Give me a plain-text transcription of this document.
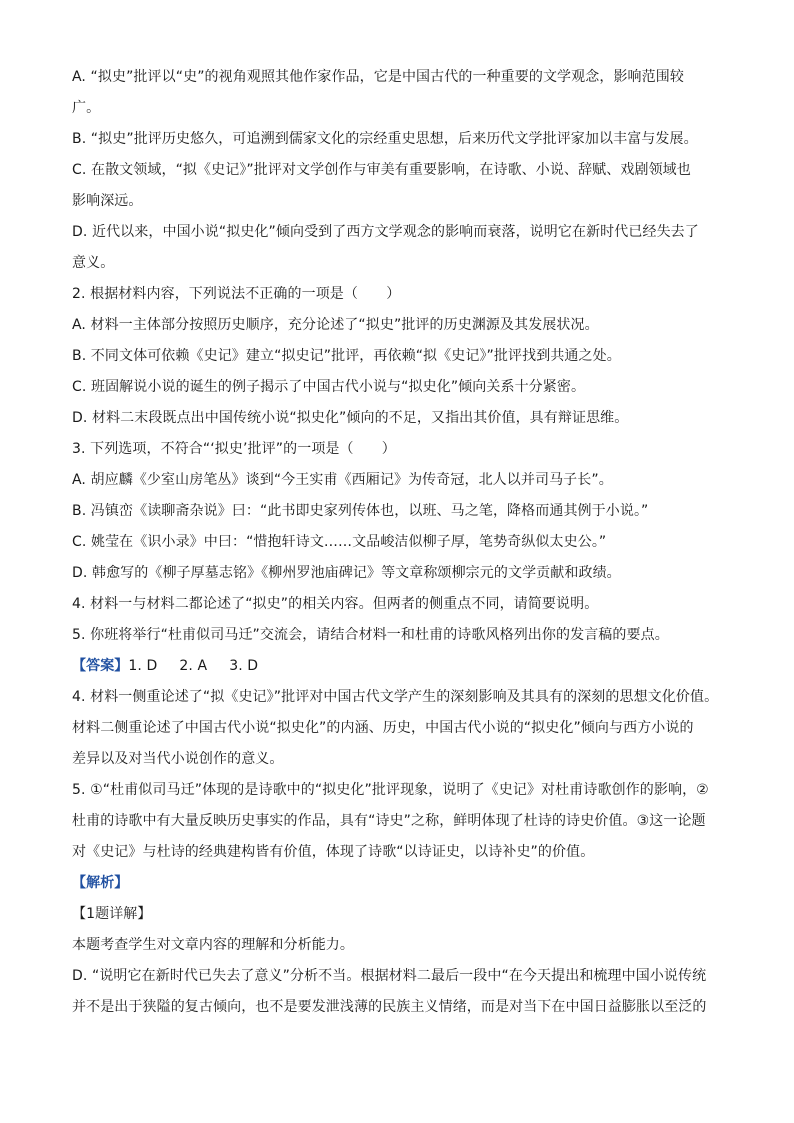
A. “拟史”批评以“史”的视角观照其他作家作品，它是中国古代的一种重要的文学观念，影响范围较
广。
B. “拟史”批评历史悠久，可追溯到儒家文化的宗经重史思想，后来历代文学批评家加以丰富与发展。
C. 在散文领域，“拟《史记》”批评对文学创作与审美有重要影响，在诗歌、小说、辞赋、戏剧领域也
影响深远。
D. 近代以来，中国小说“拟史化”倾向受到了西方文学观念的影响而衰落，说明它在新时代已经失去了
意义。
2. 根据材料内容，下列说法不正确的一项是（　　）
A. 材料一主体部分按照历史顺序，充分论述了“拟史”批评的历史渊源及其发展状况。
B. 不同文体可依赖《史记》建立“拟史记”批评，再依赖“拟《史记》”批评找到共通之处。
C. 班固解说小说的诞生的例子揭示了中国古代小说与“拟史化”倾向关系十分紧密。
D. 材料二末段既点出中国传统小说“拟史化”倾向的不足，又指出其价值，具有辩证思维。
3. 下列选项，不符合“‘拟史’批评”的一项是（　　）
A. 胡应麟《少室山房笔丛》谈到“今王实甫《西厢记》为传奇冠，北人以并司马子长”。
B. 冯镇峦《读聊斋杂说》曰：“此书即史家列传体也，以班、马之笔，降格而通其例于小说。”
C. 姚莹在《识小录》中曰：“惜抱轩诗文……文品峻洁似柳子厚，笔势奇纵似太史公。”
D. 韩愈写的《柳子厚墓志铭》《柳州罗池庙碑记》等文章称颂柳宗元的文学贡献和政绩。
4. 材料一与材料二都论述了“拟史”的相关内容。但两者的侧重点不同，请简要说明。
5. 你班将举行“杜甫似司马迁”交流会，请结合材料一和杜甫的诗歌风格列出你的发言稿的要点。
【答案】1. D 2. A 3. D
4. 材料一侧重论述了“拟《史记》”批评对中国古代文学产生的深刻影响及其具有的深刻的思想文化价值。
材料二侧重论述了中国古代小说“拟史化”的内涵、历史，中国古代小说的“拟史化”倾向与西方小说的
差异以及对当代小说创作的意义。
5. ①“杜甫似司马迁”体现的是诗歌中的“拟史化”批评现象，说明了《史记》对杜甫诗歌创作的影响，②
杜甫的诗歌中有大量反映历史事实的作品，具有“诗史”之称，鲜明体现了杜诗的诗史价值。③这一论题
对《史记》与杜诗的经典建构皆有价值，体现了诗歌“以诗证史，以诗补史”的价值。
【解析】
【1题详解】
本题考查学生对文章内容的理解和分析能力。
D. “说明它在新时代已失去了意义”分析不当。根据材料二最后一段中“在今天提出和梳理中国小说传统
并不是出于狭隘的复古倾向，也不是要发泄浅薄的民族主义情绪，而是对当下在中国日益膨胀以至泛的
